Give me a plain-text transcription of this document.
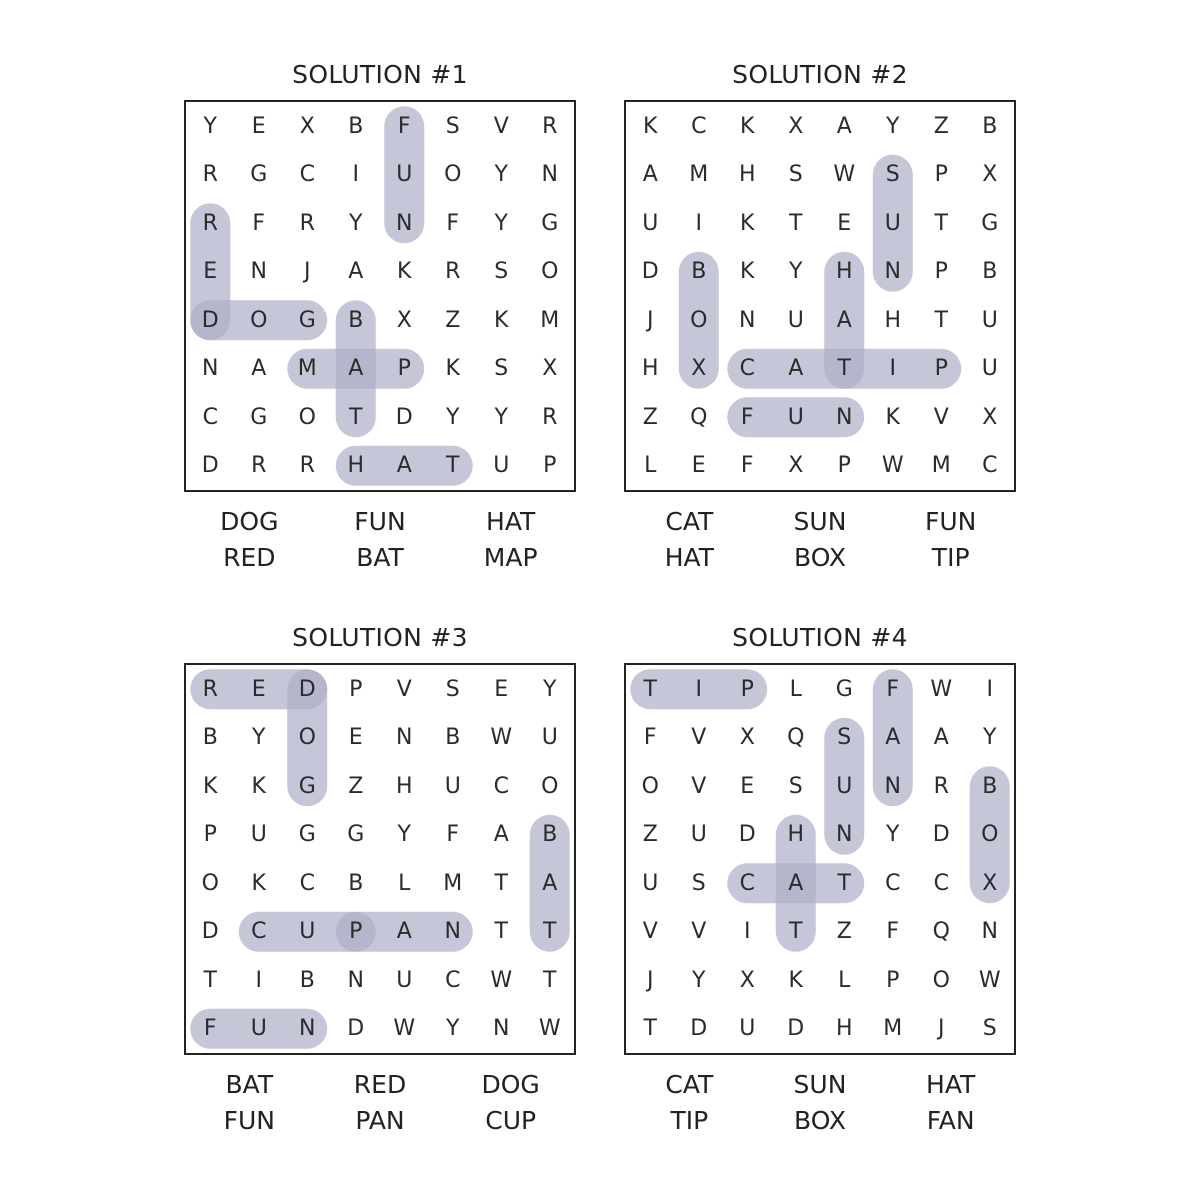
SOLUTION #1
Y	E	X	B	F	S	V	R
R	G	C	I	U	O	Y	N
R	F	R	Y	N	F	Y	G
E	N	J	A	K	R	S	O
D	O	G	B	X	Z	K	M
N	A	M	A	P	K	S	X
C	G	O	T	D	Y	Y	R
D	R	R	H	A	T	U	P
DOG	FUN	HAT
RED	BAT	MAP
SOLUTION #2
K	C	K	X	A	Y	Z	B
A	M	H	S	W	S	P	X
U	I	K	T	E	U	T	G
D	B	K	Y	H	N	P	B
J	O	N	U	A	H	T	U
H	X	C	A	T	I	P	U
Z	Q	F	U	N	K	V	X
L	E	F	X	P	W	M	C
CAT	SUN	FUN
HAT	BOX	TIP
SOLUTION #3
R	E	D	P	V	S	E	Y
B	Y	O	E	N	B	W	U
K	K	G	Z	H	U	C	O
P	U	G	G	Y	F	A	B
O	K	C	B	L	M	T	A
D	C	U	P	A	N	T	T
T	I	B	N	U	C	W	T
F	U	N	D	W	Y	N	W
BAT	RED	DOG
FUN	PAN	CUP
SOLUTION #4
T	I	P	L	G	F	W	I
F	V	X	Q	S	A	A	Y
O	V	E	S	U	N	R	B
Z	U	D	H	N	Y	D	O
U	S	C	A	T	C	C	X
V	V	I	T	Z	F	Q	N
J	Y	X	K	L	P	O	W
T	D	U	D	H	M	J	S
CAT	SUN	HAT
TIP	BOX	FAN
